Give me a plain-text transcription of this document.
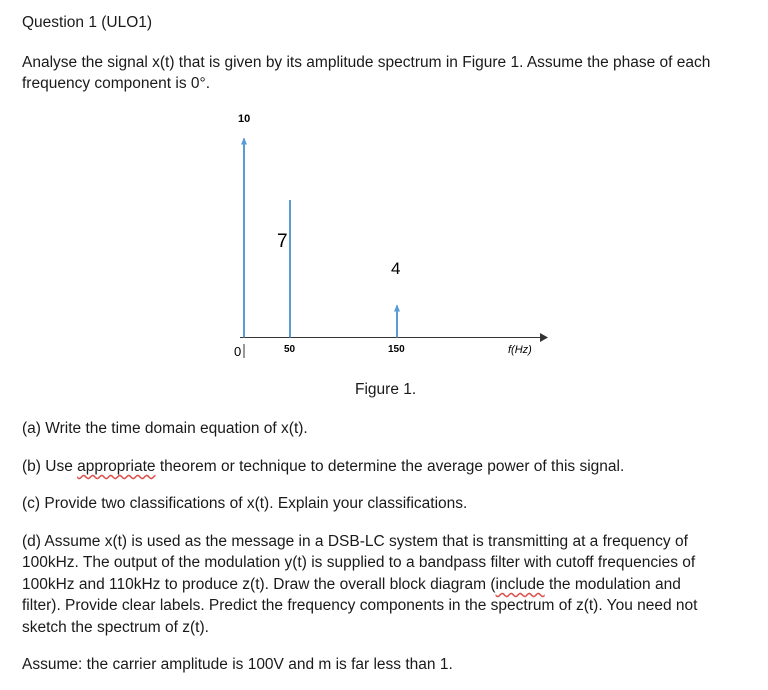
Question 1 (ULO1)

Analyse the signal x(t) that is given by its amplitude spectrum in Figure 1. Assume the phase of each

frequency component is 0°.

10
7
4
50	150
0	f(Hz)
Figure 1.

(a) Write the time domain equation of x(t).

(b) Use appropriate theorem or technique to determine the average power of this signal.

(c) Provide two classifications of x(t). Explain your classifications.

(d) Assume x(t) is used as the message in a DSB-LC system that is transmitting at a frequency of

100kHz. The output of the modulation y(t) is supplied to a bandpass filter with cutoff frequencies of

100kHz and 110kHz to produce z(t). Draw the overall block diagram (include the modulation and

filter). Provide clear labels. Predict the frequency components in the spectrum of z(t). You need not

sketch the spectrum of z(t).

Assume: the carrier amplitude is 100V and m is far less than 1.
